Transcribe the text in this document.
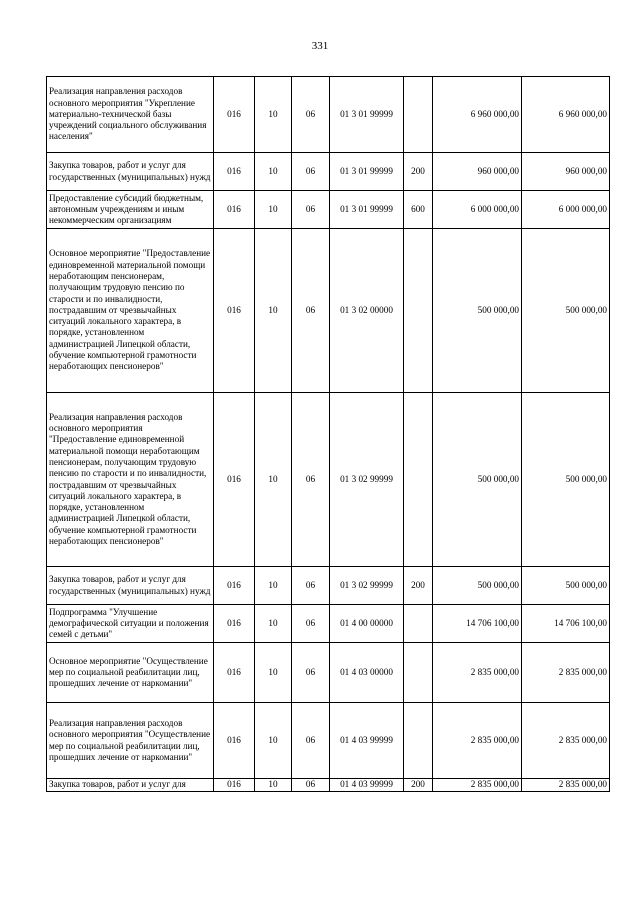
331
Реализация направления расходов основного мероприятия "Укрепление материально-технической базы учреждений социального обслуживания населения"	016	10	06	01 3 01 99999		6 960 000,00	6 960 000,00
Закупка товаров, работ и услуг для государственных (муниципальных) нужд	016	10	06	01 3 01 99999	200	960 000,00	960 000,00
Предоставление субсидий бюджетным, автономным учреждениям и иным некоммерческим организациям	016	10	06	01 3 01 99999	600	6 000 000,00	6 000 000,00
Основное мероприятие "Предоставление единовременной материальной помощи неработающим пенсионерам, получающим трудовую пенсию по старости и по инвалидности, пострадавшим от чрезвычайных ситуаций локального характера, в порядке, установленном администрацией Липецкой области, обучение компьютерной грамотности неработающих пенсионеров"	016	10	06	01 3 02 00000		500 000,00	500 000,00
Реализация направления расходов основного мероприятия "Предоставление единовременной материальной помощи неработающим пенсионерам, получающим трудовую пенсию по старости и по инвалидности, пострадавшим от чрезвычайных ситуаций локального характера, в порядке, установленном администрацией Липецкой области, обучение компьютерной грамотности неработающих пенсионеров"	016	10	06	01 3 02 99999		500 000,00	500 000,00
Закупка товаров, работ и услуг для государственных (муниципальных) нужд	016	10	06	01 3 02 99999	200	500 000,00	500 000,00
Подпрограмма "Улучшение демографической ситуации и положения семей с детьми"	016	10	06	01 4 00 00000		14 706 100,00	14 706 100,00
Основное мероприятие "Осуществление мер по социальной реабилитации лиц, прошедших лечение от наркомании"	016	10	06	01 4 03 00000		2 835 000,00	2 835 000,00
Реализация направления расходов основного мероприятия "Осуществление мер по социальной реабилитации лиц, прошедших лечение от наркомании"	016	10	06	01 4 03 99999		2 835 000,00	2 835 000,00
Закупка товаров, работ и услуг для	016	10	06	01 4 03 99999	200	2 835 000,00	2 835 000,00
